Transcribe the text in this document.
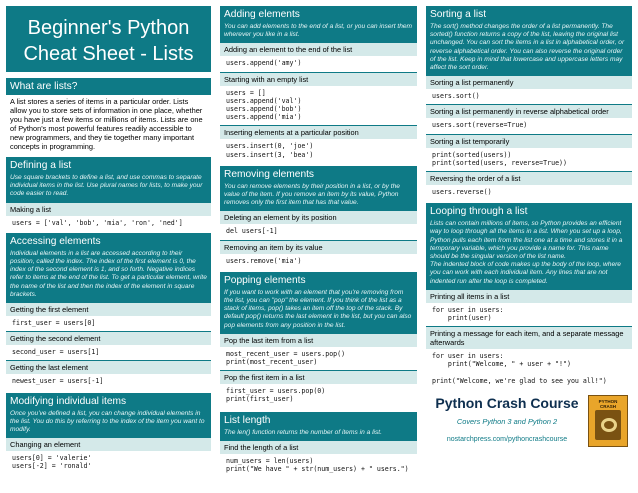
Beginner's Python
Cheat Sheet - Lists
What are lists?
A list stores a series of items in a particular order. Lists allow you to store sets of information in one place, whether you have just a few items or millions of items. Lists are one of Python's most powerful features readily accessible to new programmers, and they tie together many important concepts in programming.
Defining a list
Use square brackets to define a list, and use commas to separate individual items in the list. Use plural names for lists, to make your code easier to read.
Making a list
users = ['val', 'bob', 'mia', 'ron', 'ned']
Accessing elements
Individual elements in a list are accessed according to their position, called the index. The index of the first element is 0, the index of the second element is 1, and so forth. Negative indices refer to items at the end of the list. To get a particular element, write the name of the list and then the index of the element in square brackets.
Getting the first element
first_user = users[0]
Getting the second element
second_user = users[1]
Getting the last element
newest_user = users[-1]
Modifying individual items
Once you've defined a list, you can change individual elements in the list. You do this by referring to the index of the item you want to modify.
Changing an element
users[0] = 'valerie'
users[-2] = 'ronald'
Adding elements
You can add elements to the end of a list, or you can insert them wherever you like in a list.
Adding an element to the end of the list
users.append('amy')
Starting with an empty list
users = []
users.append('val')
users.append('bob')
users.append('mia')
Inserting elements at a particular position
users.insert(0, 'joe')
users.insert(3, 'bea')
Removing elements
You can remove elements by their position in a list, or by the value of the item. If you remove an item by its value, Python removes only the first item that has that value.
Deleting an element by its position
del users[-1]
Removing an item by its value
users.remove('mia')
Popping elements
If you want to work with an element that you're removing from the list, you can "pop" the element. If you think of the list as a stack of items, pop() takes an item off the top of the stack. By default pop() returns the last element in the list, but you can also pop elements from any position in the list.
Pop the last item from a list
most_recent_user = users.pop()
print(most_recent_user)
Pop the first item in a list
first_user = users.pop(0)
print(first_user)
List length
The len() function returns the number of items in a list.
Find the length of a list
num_users = len(users)
print("We have " + str(num_users) + " users.")
Sorting a list
The sort() method changes the order of a list permanently. The sorted() function returns a copy of the list, leaving the original list unchanged. You can sort the items in a list in alphabetical order, or reverse alphabetical order. You can also reverse the original order of the list. Keep in mind that lowercase and uppercase letters may affect the sort order.
Sorting a list permanently
users.sort()
Sorting a list permanently in reverse alphabetical order
users.sort(reverse=True)
Sorting a list temporarily
print(sorted(users))
print(sorted(users, reverse=True))
Reversing the order of a list
users.reverse()
Looping through a list
Lists can contain millions of items, so Python provides an efficient way to loop through all the items in a list. When you set up a loop, Python pulls each item from the list one at a time and stores it in a temporary variable, which you provide a name for. This name should be the singular version of the list name.
The indented block of code makes up the body of the loop, where you can work with each individual item. Any lines that are not indented run after the loop is completed.
Printing all items in a list
for user in users:
print(user)
Printing a message for each item, and a separate message afterwards
for user in users:
print("Welcome, " + user + "!")

print("Welcome, we're glad to see you all!")
Python Crash Course
Covers Python 3 and Python 2
nostarchpress.com/pythoncrashcourse
PYTHON CRASH
